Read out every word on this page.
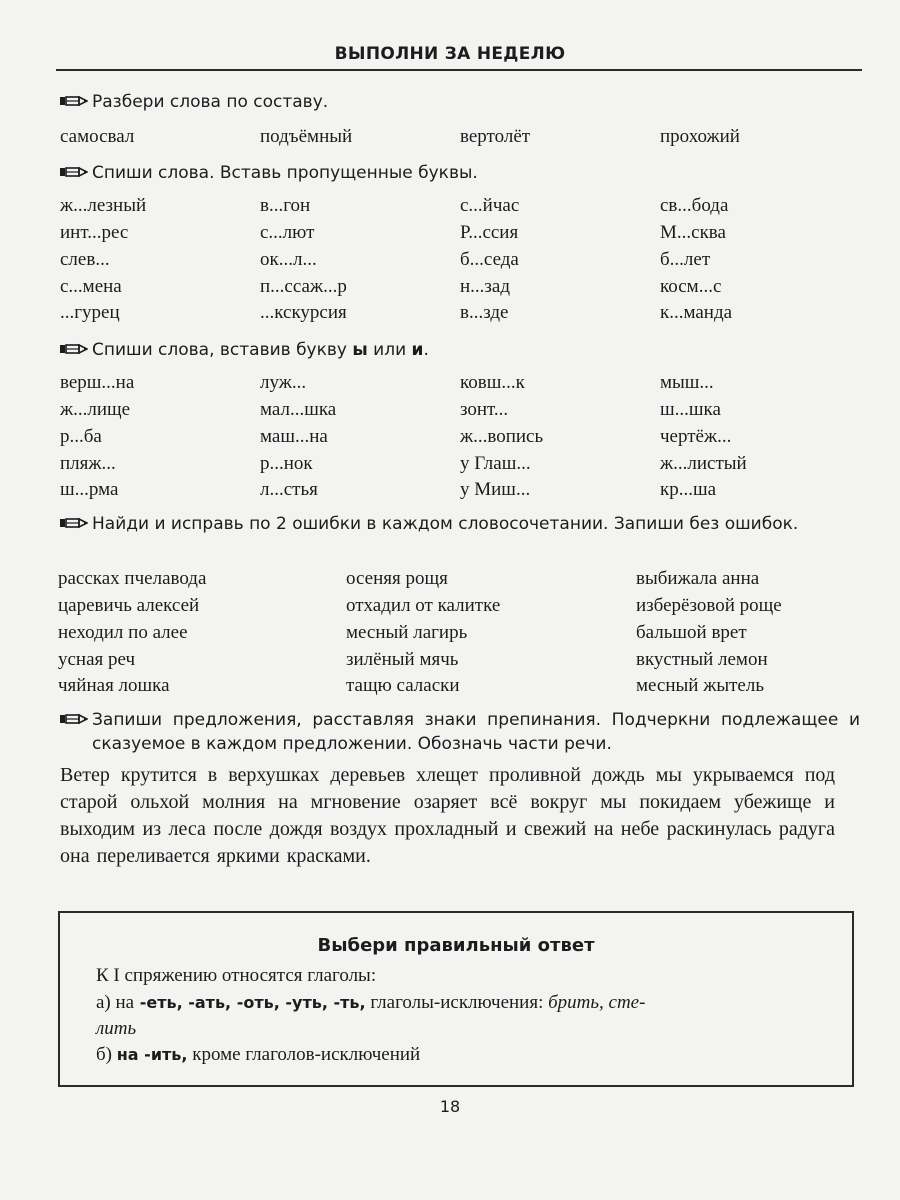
ВЫПОЛНИ ЗА НЕДЕЛЮ
Разбери слова по составу.
самосвал	подъёмный	вертолёт	прохожий
Спиши слова. Вставь пропущенные буквы.
ж...лезный	в...гон	с...йчас	св...бода
инт...рес	с...лют	Р...ссия	М...сква
слев...	ок...л...	б...седа	б...лет
с...мена	п...ссаж...р	н...зад	косм...с
...гурец	...кскурсия	в...зде	к...манда
Спиши слова, вставив букву ы или и.
верш...на	луж...	ковш...к	мыш...
ж...лище	мал...шка	зонт...	ш...шка
р...ба	маш...на	ж...вопись	чертёж...
пляж...	р...нок	у Глаш...	ж...листый
ш...рма	л...стья	у Миш...	кр...ша
Найди и исправь по 2 ошибки в каждом словосочетании. Запиши без ошибок.
рассках пчелавода	осеняя рощя	выбижала анна
царевичь алексей	отхадил от калитке	изберёзовой роще
неходил по алее	месный лагирь	бальшой врет
усная реч	зилёный мячь	вкустный лемон
чяйная лошка	тащю саласки	месный жытель
Запиши предложения, расставляя знаки препинания. Подчеркни подлежащее и сказуемое в каждом предложении. Обозначь части речи.
Ветер крутится в верхушках деревьев хлещет проливной дождь мы укрываемся под старой ольхой молния на мгновение озаряет всё вокруг мы покидаем убежище и выходим из леса после дождя воздух прохладный и свежий на небе раскинулась радуга она переливается яркими красками.
Выбери правильный ответ
К I спряжению относятся глаголы:
а) на -еть, -ать, -оть, -уть, -ть, глаголы-исключения: брить, сте-
лить
б) на -ить, кроме глаголов-исключений
18
